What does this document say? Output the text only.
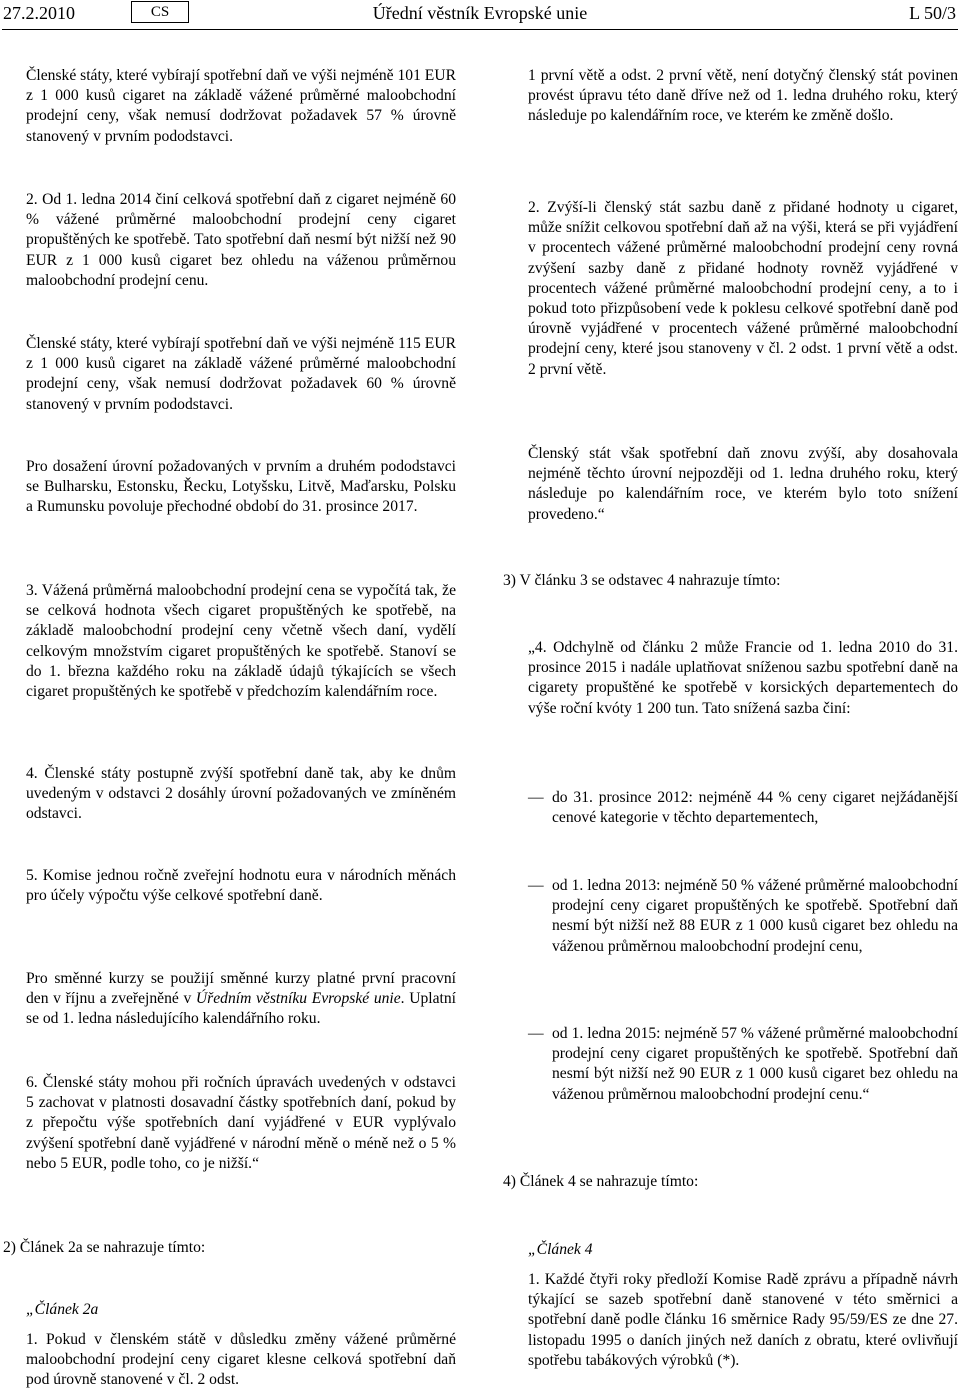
27.2.2010	CS	Úřední věstník Evropské unie	L 50/3
Členské státy, které vybírají spotřební daň ve výši nejméně 101 EUR z 1 000 kusů cigaret na základě vážené průměrné maloobchodní prodejní ceny, však nemusí dodržovat požadavek 57 % úrovně stanovený v prvním pododstavci.
2. Od 1. ledna 2014 činí celková spotřební daň z cigaret nejméně 60 % vážené průměrné maloobchodní prodejní ceny cigaret propuštěných ke spotřebě. Tato spotřební daň nesmí být nižší než 90 EUR z 1 000 kusů cigaret bez ohledu na váženou průměrnou maloobchodní prodejní cenu.
Členské státy, které vybírají spotřební daň ve výši nejméně 115 EUR z 1 000 kusů cigaret na základě vážené průměrné maloobchodní prodejní ceny, však nemusí dodržovat požadavek 60 % úrovně stanovený v prvním pododstavci.
Pro dosažení úrovní požadovaných v prvním a druhém pododstavci se Bulharsku, Estonsku, Řecku, Lotyšsku, Litvě, Maďarsku, Polsku a Rumunsku povoluje přechodné období do 31. prosince 2017.
3. Vážená průměrná maloobchodní prodejní cena se vypočítá tak, že se celková hodnota všech cigaret propuštěných ke spotřebě, na základě maloobchodní prodejní ceny včetně všech daní, vydělí celkovým množstvím cigaret propuštěných ke spotřebě. Stanoví se do 1. března každého roku na základě údajů týkajících se všech cigaret propuštěných ke spotřebě v předchozím kalendářním roce.
4. Členské státy postupně zvýší spotřební daně tak, aby ke dnům uvedeným v odstavci 2 dosáhly úrovní požadovaných ve zmíněném odstavci.
5. Komise jednou ročně zveřejní hodnotu eura v národních měnách pro účely výpočtu výše celkové spotřební daně.
Pro směnné kurzy se použijí směnné kurzy platné první pracovní den v říjnu a zveřejněné v Úředním věstníku Evropské unie. Uplatní se od 1. ledna následujícího kalendářního roku.
6. Členské státy mohou při ročních úpravách uvedených v odstavci 5 zachovat v platnosti dosavadní částky spotřebních daní, pokud by z přepočtu výše spotřebních daní vyjádřené v EUR vyplývalo zvýšení spotřební daně vyjádřené v národní měně o méně než o 5 % nebo 5 EUR, podle toho, co je nižší.“
2) Článek 2a se nahrazuje tímto:
„Článek 2a
1. Pokud v členském státě v důsledku změny vážené průměrné maloobchodní prodejní ceny cigaret klesne celková spotřební daň pod úrovně stanovené v čl. 2 odst.
1 první větě a odst. 2 první větě, není dotyčný členský stát povinen provést úpravu této daně dříve než od 1. ledna druhého roku, který následuje po kalendářním roce, ve kterém ke změně došlo.
2. Zvýší-li členský stát sazbu daně z přidané hodnoty u cigaret, může snížit celkovou spotřební daň až na výši, která se při vyjádření v procentech vážené průměrné maloobchodní prodejní ceny rovná zvýšení sazby daně z přidané hodnoty rovněž vyjádřené v procentech vážené průměrné maloobchodní prodejní ceny, a to i pokud toto přizpůsobení vede k poklesu celkové spotřební daně pod úrovně vyjádřené v procentech vážené průměrné maloobchodní prodejní ceny, které jsou stanoveny v čl. 2 odst. 1 první větě a odst. 2 první větě.
Členský stát však spotřební daň znovu zvýší, aby dosahovala nejméně těchto úrovní nejpozději od 1. ledna druhého roku, který následuje po kalendářním roce, ve kterém bylo toto snížení provedeno.“
3) V článku 3 se odstavec 4 nahrazuje tímto:
„4. Odchylně od článku 2 může Francie od 1. ledna 2010 do 31. prosince 2015 i nadále uplatňovat sníženou sazbu spotřební daně na cigarety propuštěné ke spotřebě v korsických departementech do výše roční kvóty 1 200 tun. Tato snížená sazba činí:
— do 31. prosince 2012: nejméně 44 % ceny cigaret nejžádanější cenové kategorie v těchto departementech,
— od 1. ledna 2013: nejméně 50 % vážené průměrné maloobchodní prodejní ceny cigaret propuštěných ke spotřebě. Spotřební daň nesmí být nižší než 88 EUR z 1 000 kusů cigaret bez ohledu na váženou průměrnou maloobchodní prodejní cenu,
— od 1. ledna 2015: nejméně 57 % vážené průměrné maloobchodní prodejní ceny cigaret propuštěných ke spotřebě. Spotřební daň nesmí být nižší než 90 EUR z 1 000 kusů cigaret bez ohledu na váženou průměrnou maloobchodní prodejní cenu.“
4) Článek 4 se nahrazuje tímto:
„Článek 4
1. Každé čtyři roky předloží Komise Radě zprávu a případně návrh týkající se sazeb spotřební daně stanovené v této směrnici a spotřební daně podle článku 16 směrnice Rady 95/59/ES ze dne 27. listopadu 1995 o daních jiných než daních z obratu, které ovlivňují spotřebu tabákových výrobků (*).
